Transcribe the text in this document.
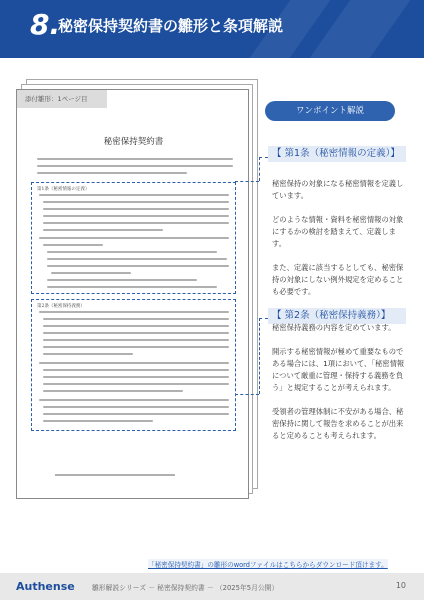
8.
秘密保持契約書の雛形と条項解説
添付雛形：1ページ目
秘密保持契約書
第1条（秘密情報の定義）
第2条（秘密保持義務）
ワンポイント解説
【 第1条（秘密情報の定義）】

秘密保持の対象になる秘密情報を定義しています。

どのような情報・資料を秘密情報の対象にするかの検討を踏まえて、定義します。

また、定義に該当するとしても、秘密保持の対象にしない例外規定を定めることも必要です。

【 第2条（秘密保持義務）】

秘密保持義務の内容を定めています。

開示する秘密情報が極めて重要なものである場合には、1項において、「秘密情報について厳重に管理・保持する義務を負う」と規定することが考えられます。

受領者の管理体制に不安がある場合、秘密保持に関して報告を求めることが出来ると定めることも考えられます。

「秘密保持契約書」の雛形のwordファイルはこちらからダウンロード頂けます。
Authense	雛形解説シリーズ － 秘密保持契約書 － （2025年5月公開）	10
